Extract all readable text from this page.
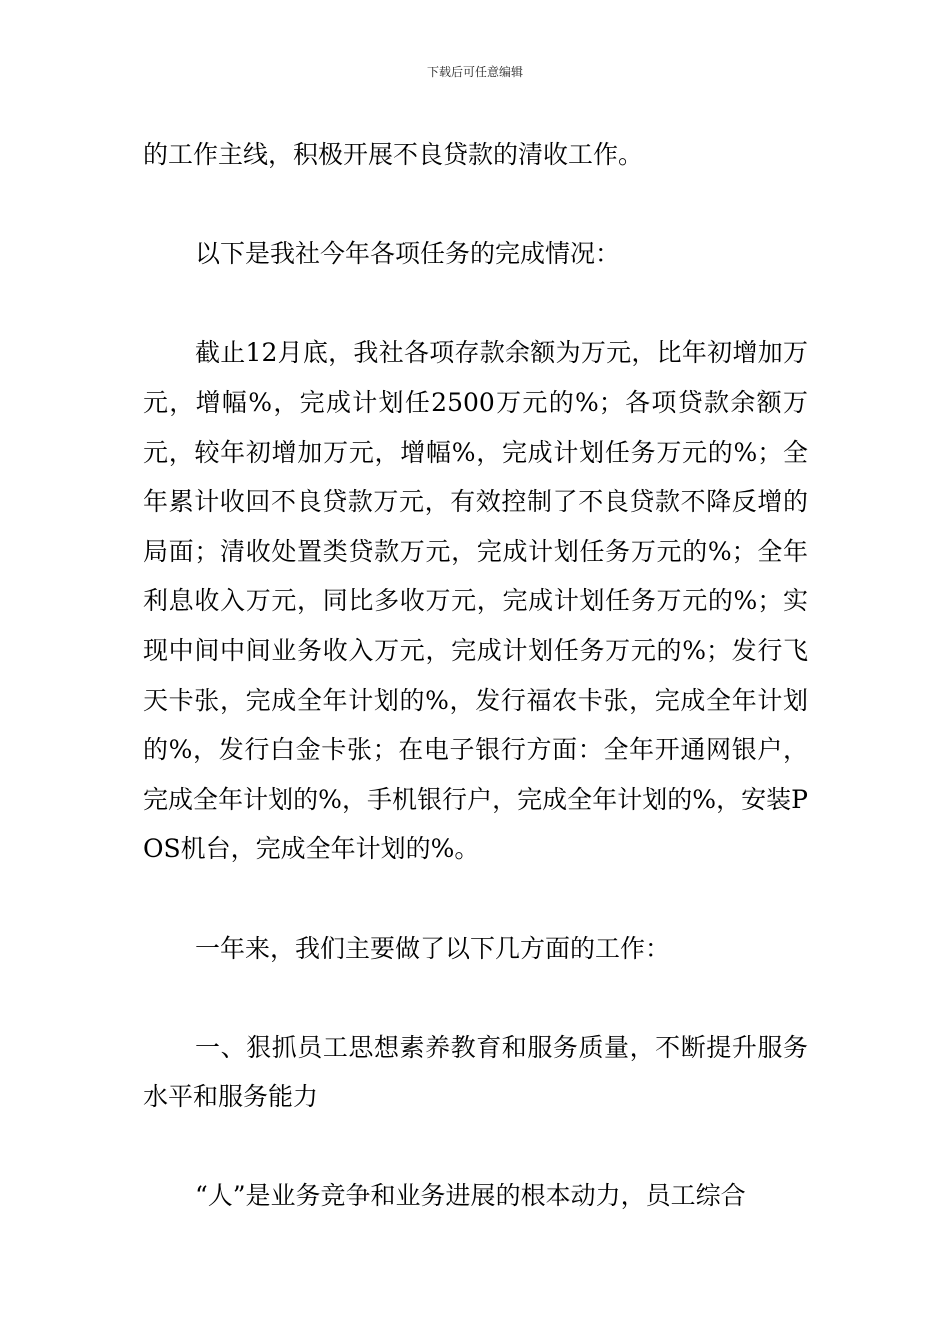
下载后可任意编辑

的工作主线，积极开展不良贷款的清收工作。

以下是我社今年各项任务的完成情况：

截止12月底，我社各项存款余额为万元，比年初增加万元，增幅%，完成计划任2500万元的%；各项贷款余额万元，较年初增加万元，增幅%，完成计划任务万元的%；全年累计收回不良贷款万元，有效控制了不良贷款不降反增的局面；清收处置类贷款万元，完成计划任务万元的%；全年利息收入万元，同比多收万元，完成计划任务万元的%；实现中间中间业务收入万元，完成计划任务万元的%；发行飞天卡张，完成全年计划的%，发行福农卡张，完成全年计划的%，发行白金卡张；在电子银行方面：全年开通网银户，完成全年计划的%，手机银行户，完成全年计划的%，安装POS机台，完成全年计划的%。

一年来，我们主要做了以下几方面的工作：

一、狠抓员工思想素养教育和服务质量，不断提升服务水平和服务能力

“人”是业务竞争和业务进展的根本动力，员工综合
